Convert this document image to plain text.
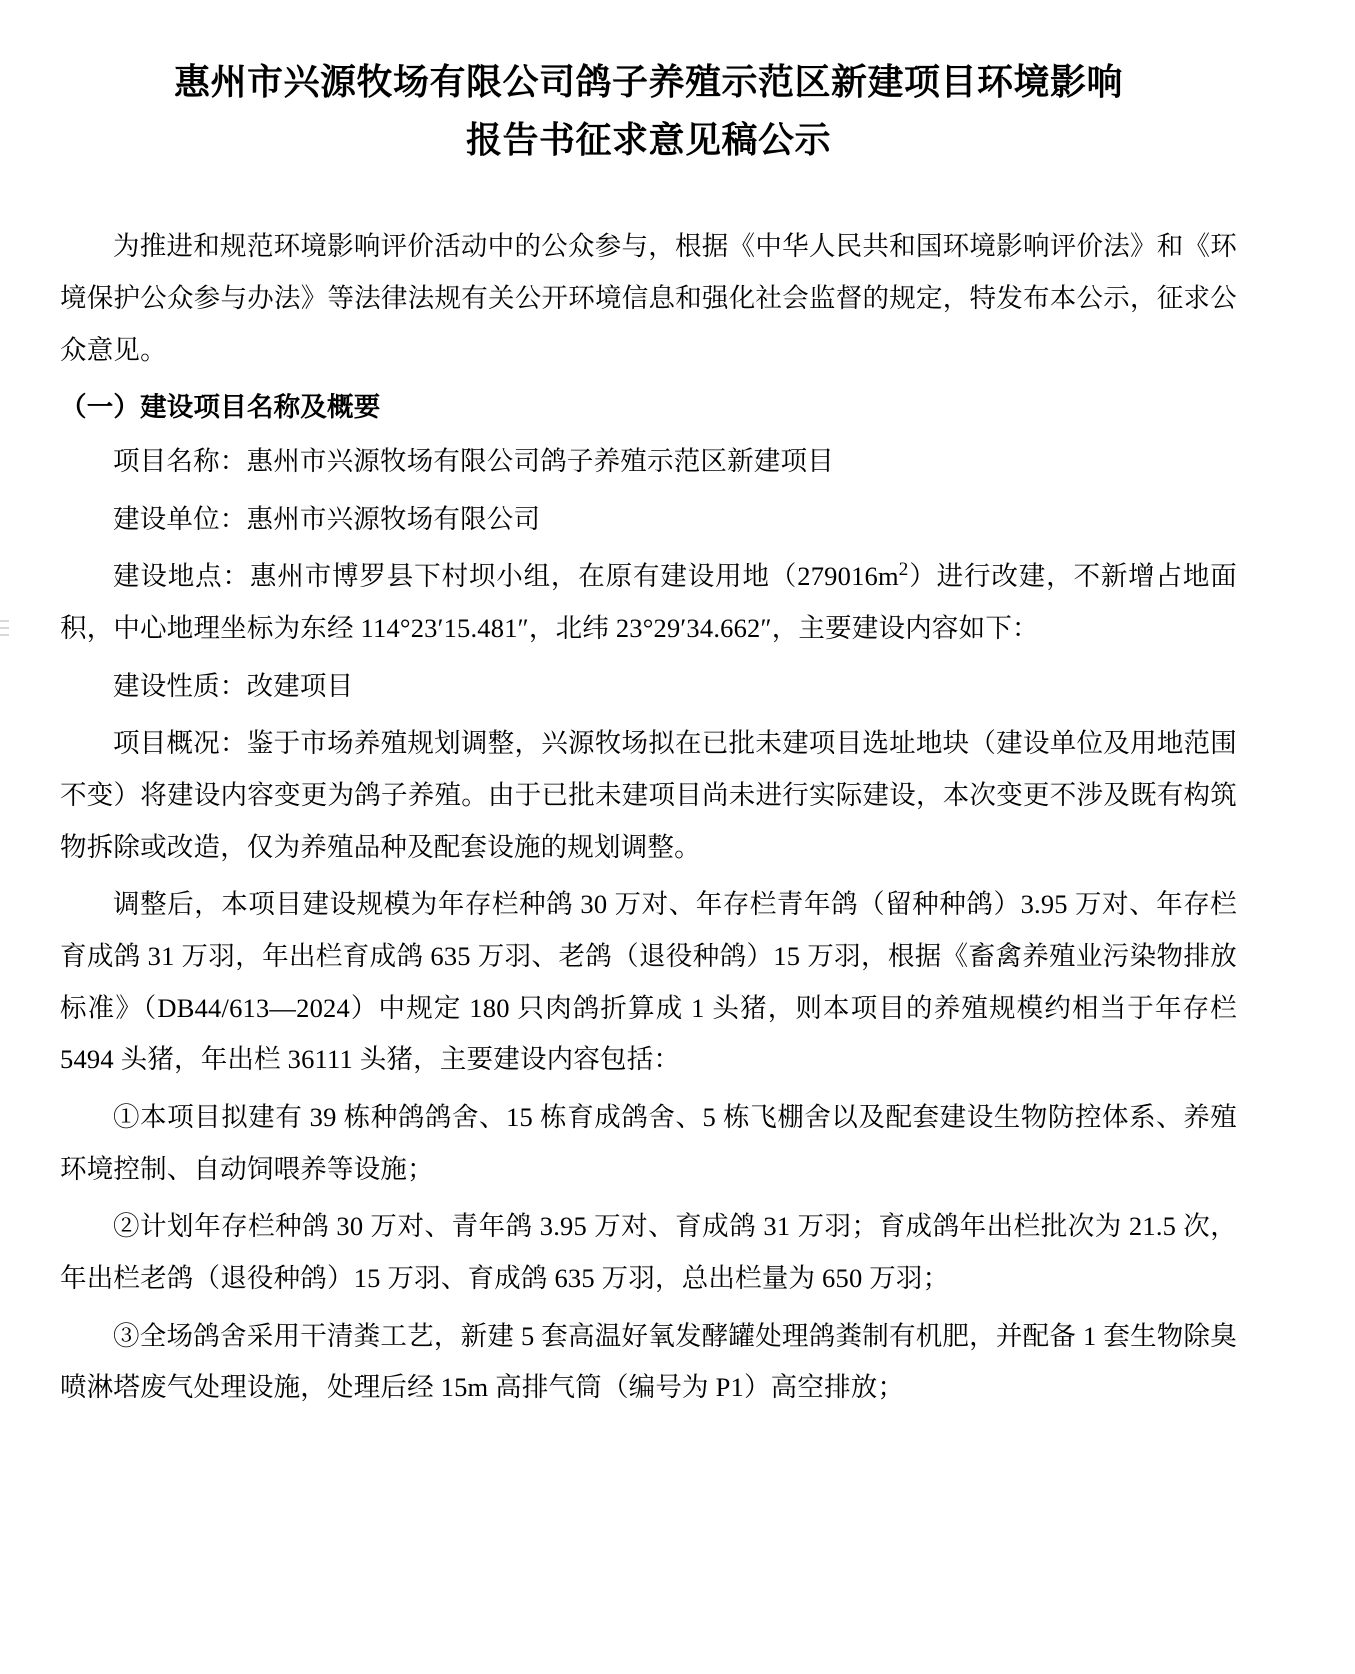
惠州市兴源牧场有限公司鸽子养殖示范区新建项目环境影响
报告书征求意见稿公示

为推进和规范环境影响评价活动中的公众参与，根据《中华人民共和国环境影响评价法》和《环境保护公众参与办法》等法律法规有关公开环境信息和强化社会监督的规定，特发布本公示，征求公众意见。

（一）建设项目名称及概要

项目名称：惠州市兴源牧场有限公司鸽子养殖示范区新建项目

建设单位：惠州市兴源牧场有限公司

建设地点：惠州市博罗县下村坝小组，在原有建设用地$(279016m^2)$进行改建，不新增占地面积，中心地理坐标为东经 114°23′15.481″，北纬 23°29′34.662″，主要建设内容如下：

建设性质：改建项目

项目概况：鉴于市场养殖规划调整，兴源牧场拟在已批未建项目选址地块（建设单位及用地范围不变）将建设内容变更为鸽子养殖。由于已批未建项目尚未进行实际建设，本次变更不涉及既有构筑物拆除或改造，仅为养殖品种及配套设施的规划调整。

调整后，本项目建设规模为年存栏种鸽 30 万对、年存栏青年鸽（留种种鸽）3.95 万对、年存栏育成鸽 31 万羽，年出栏育成鸽 635 万羽、老鸽（退役种鸽）15 万羽，根据《畜禽养殖业污染物排放标准》（DB44/613—2024）中规定 180 只肉鸽折算成 1 头猪，则本项目的养殖规模约相当于年存栏 5494 头猪，年出栏 36111 头猪，主要建设内容包括：

①本项目拟建有 39 栋种鸽鸽舍、15 栋育成鸽舍、5 栋飞棚舍以及配套建设生物防控体系、养殖环境控制、自动饲喂养等设施；

②计划年存栏种鸽 30 万对、青年鸽 3.95 万对、育成鸽 31 万羽；育成鸽年出栏批次为 21.5 次，年出栏老鸽（退役种鸽）15 万羽、育成鸽 635 万羽，总出栏量为 650 万羽；

③全场鸽舍采用干清粪工艺，新建 5 套高温好氧发酵罐处理鸽粪制有机肥，并配备 1 套生物除臭喷淋塔废气处理设施，处理后经 15m 高排气筒（编号为 P1）高空排放；
